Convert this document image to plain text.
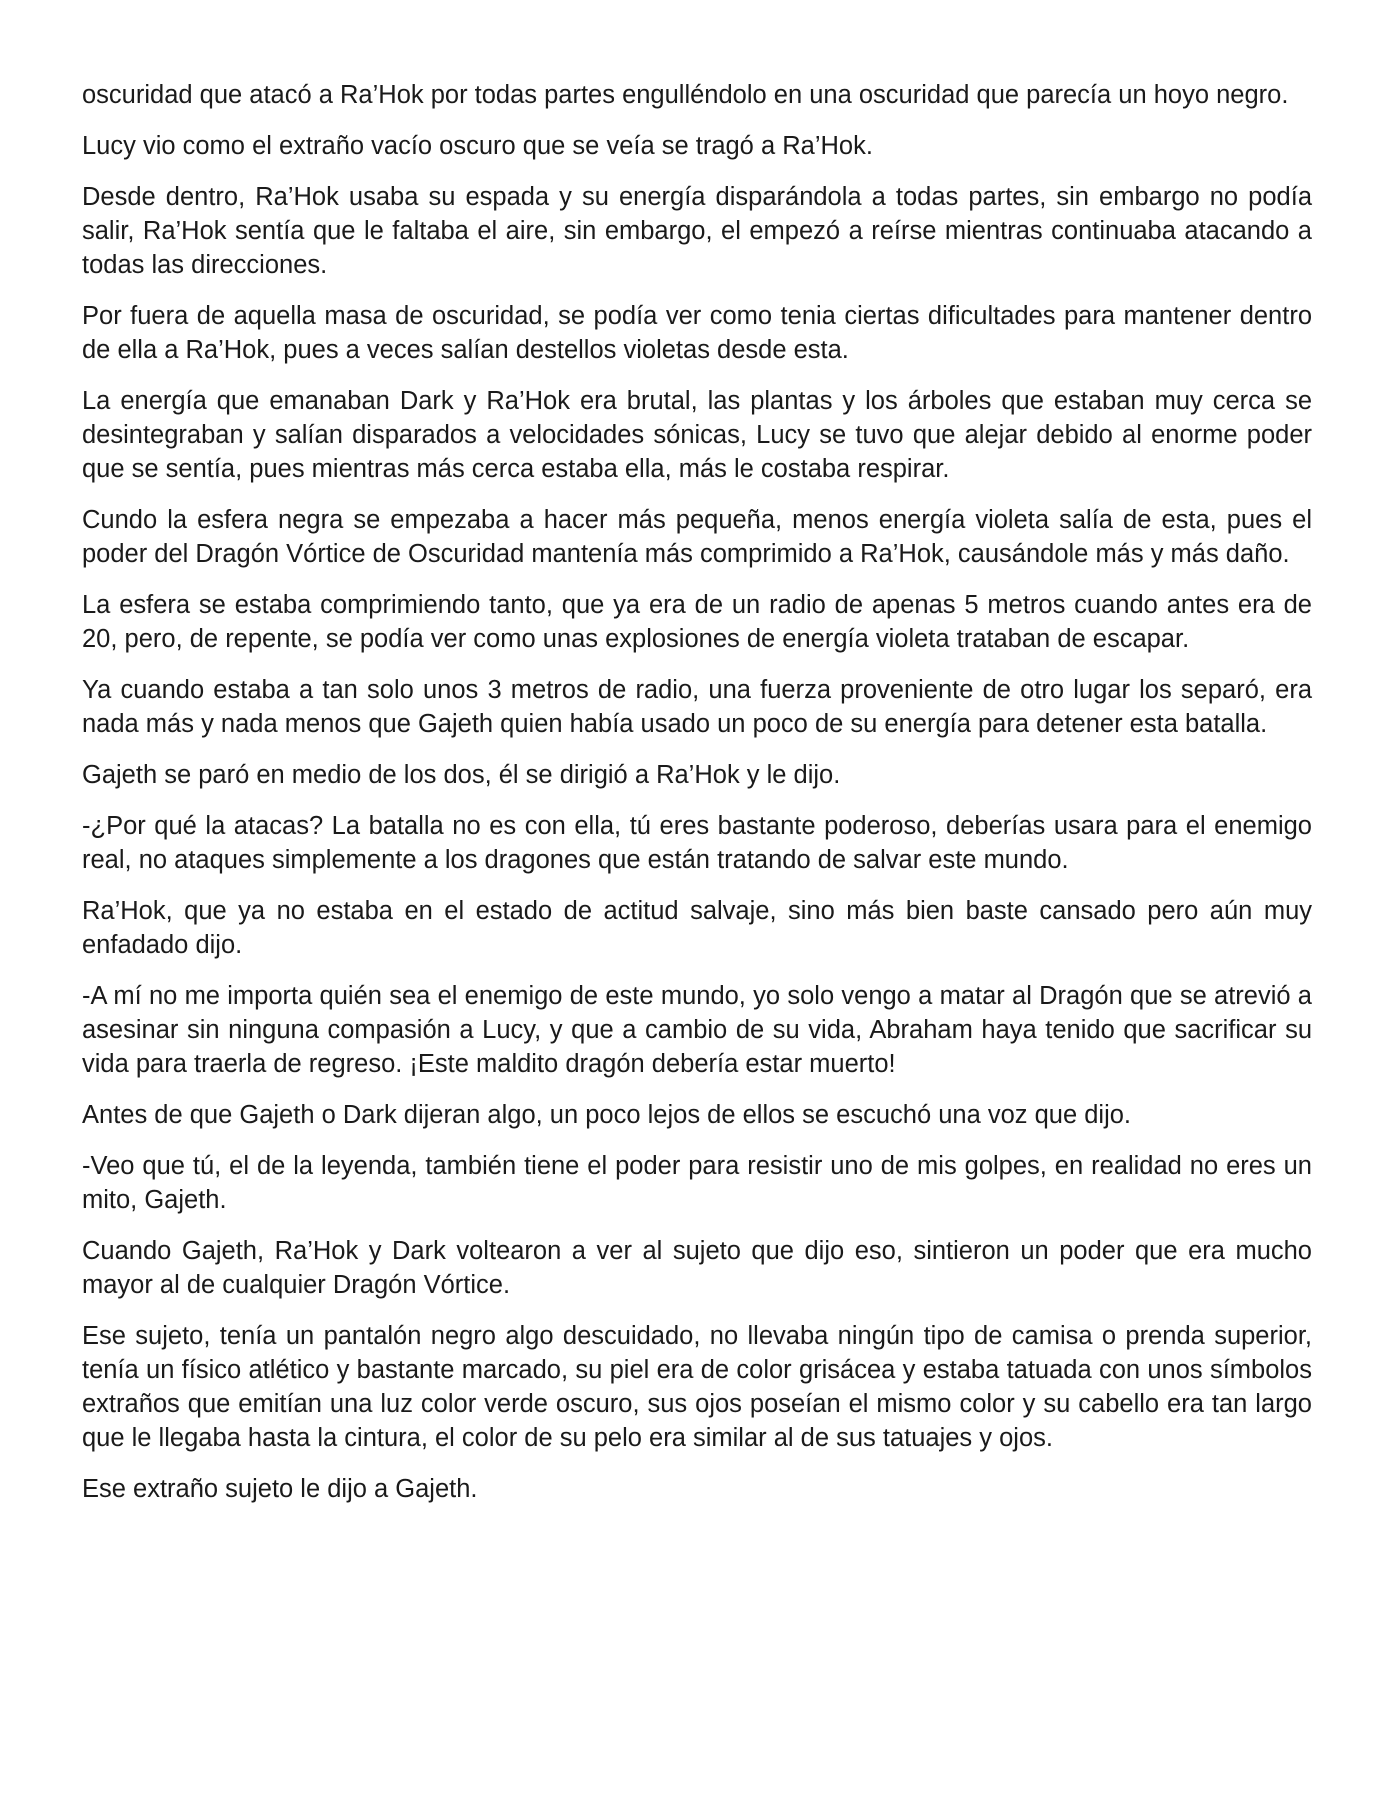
oscuridad que atacó a Ra’Hok por todas partes engulléndolo en una oscuridad que parecía un hoyo negro.

Lucy vio como el extraño vacío oscuro que se veía se tragó a Ra’Hok.

Desde dentro, Ra’Hok usaba su espada y su energía disparándola a todas partes, sin embargo no podía salir, Ra’Hok sentía que le faltaba el aire, sin embargo, el empezó a reírse mientras continuaba atacando a todas las direcciones.

Por fuera de aquella masa de oscuridad, se podía ver como tenia ciertas dificultades para mantener dentro de ella a Ra’Hok, pues a veces salían destellos violetas desde esta.

La energía que emanaban Dark y Ra’Hok era brutal, las plantas y los árboles que estaban muy cerca se desintegraban y salían disparados a velocidades sónicas, Lucy se tuvo que alejar debido al enorme poder que se sentía, pues mientras más cerca estaba ella, más le costaba respirar.

Cundo la esfera negra se empezaba a hacer más pequeña, menos energía violeta salía de esta, pues el poder del Dragón Vórtice de Oscuridad mantenía más comprimido a Ra’Hok, causándole más y más daño.

La esfera se estaba comprimiendo tanto, que ya era de un radio de apenas 5 metros cuando antes era de 20, pero, de repente, se podía ver como unas explosiones de energía violeta trataban de escapar.

Ya cuando estaba a tan solo unos 3 metros de radio, una fuerza proveniente de otro lugar los separó, era nada más y nada menos que Gajeth quien había usado un poco de su energía para detener esta batalla.

Gajeth se paró en medio de los dos, él se dirigió a Ra’Hok y le dijo.

-¿Por qué la atacas? La batalla no es con ella, tú eres bastante poderoso, deberías usara para el enemigo real, no ataques simplemente a los dragones que están tratando de salvar este mundo.

Ra’Hok, que ya no estaba en el estado de actitud salvaje, sino más bien baste cansado pero aún muy enfadado dijo.

-A mí no me importa quién sea el enemigo de este mundo, yo solo vengo a matar al Dragón que se atrevió a asesinar sin ninguna compasión a Lucy, y que a cambio de su vida, Abraham haya tenido que sacrificar su vida para traerla de regreso. ¡Este maldito dragón debería estar muerto!

Antes de que Gajeth o Dark dijeran algo, un poco lejos de ellos se escuchó una voz que dijo.

-Veo que tú, el de la leyenda, también tiene el poder para resistir uno de mis golpes, en realidad no eres un mito, Gajeth.

Cuando Gajeth, Ra’Hok y Dark voltearon a ver al sujeto que dijo eso, sintieron un poder que era mucho mayor al de cualquier Dragón Vórtice.

Ese sujeto, tenía un pantalón negro algo descuidado, no llevaba ningún tipo de camisa o prenda superior, tenía un físico atlético y bastante marcado, su piel era de color grisácea y estaba tatuada con unos símbolos extraños que emitían una luz color verde oscuro, sus ojos poseían el mismo color y su cabello era tan largo que le llegaba hasta la cintura, el color de su pelo era similar al de sus tatuajes y ojos.

Ese extraño sujeto le dijo a Gajeth.
